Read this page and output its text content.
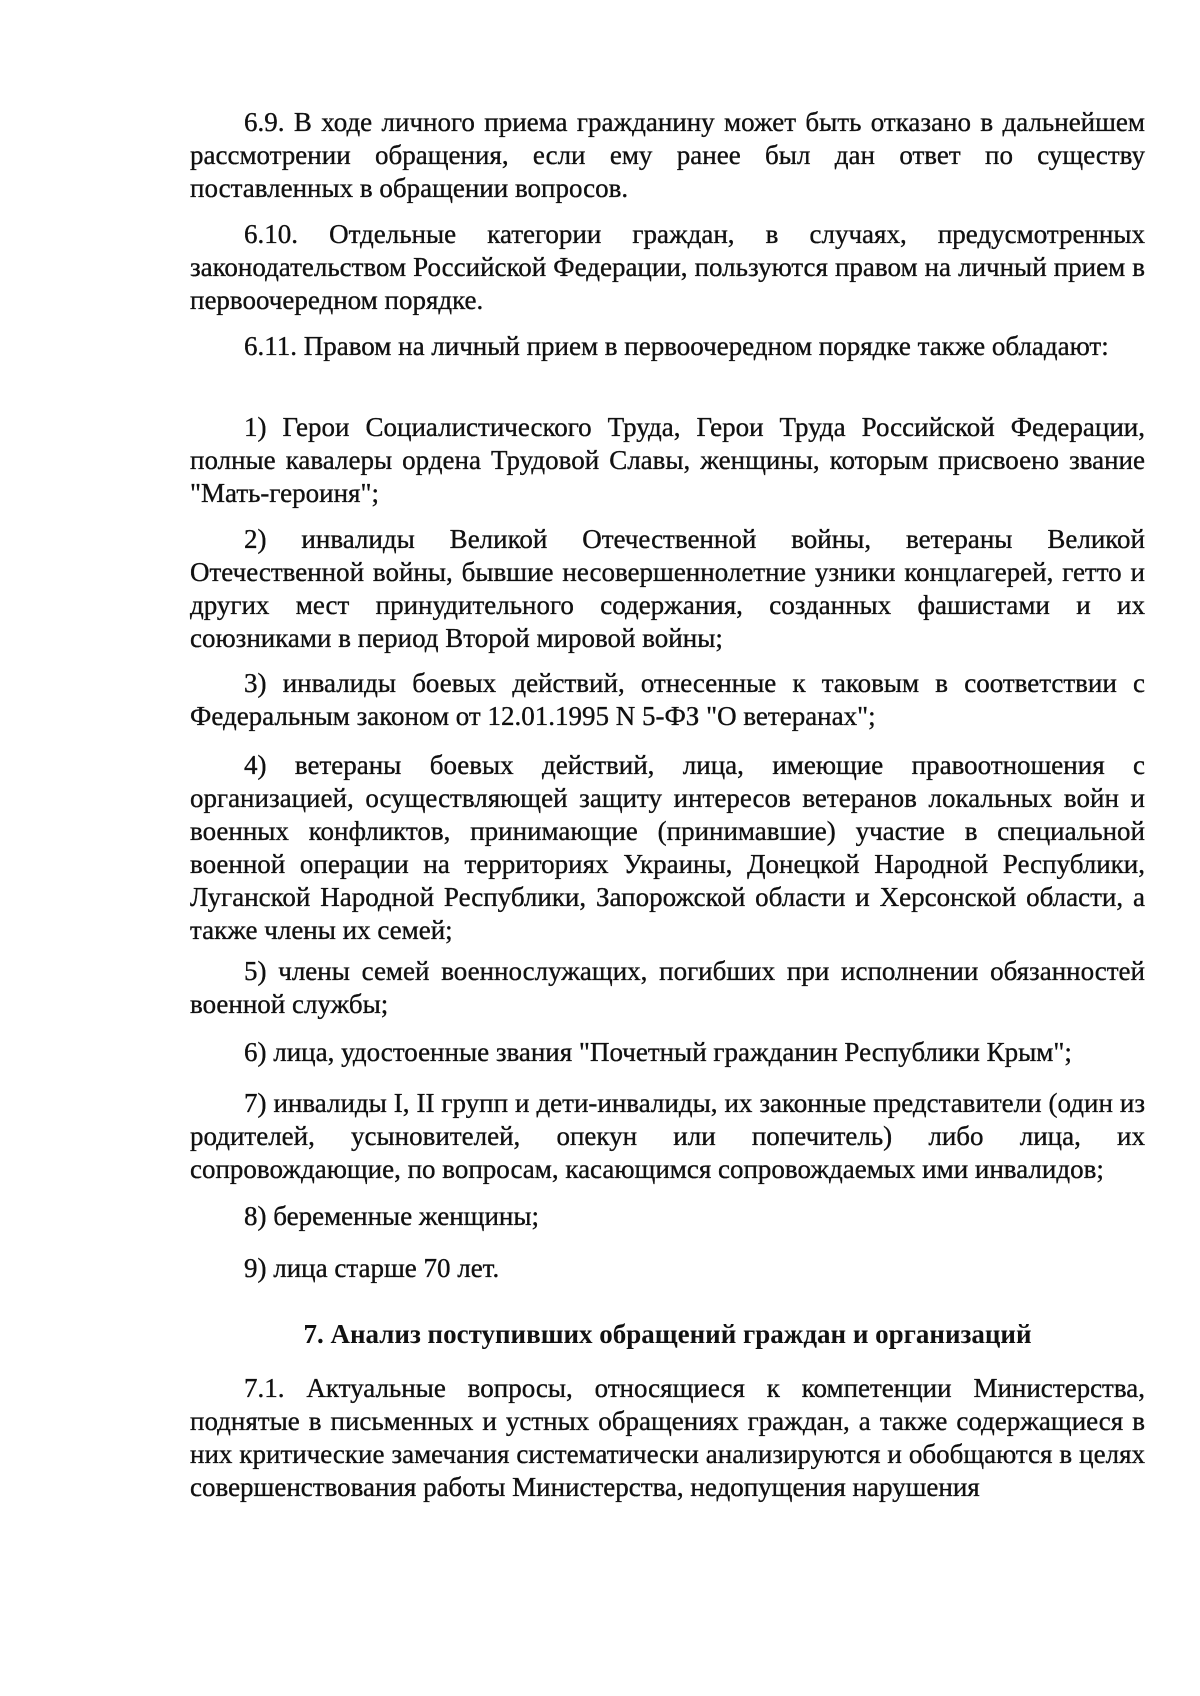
6.9. В ходе личного приема гражданину может быть отказано в дальнейшем рассмотрении обращения, если ему ранее был дан ответ по существу поставленных в обращении вопросов.

6.10. Отдельные категории граждан, в случаях, предусмотренных законодательством Российской Федерации, пользуются правом на личный прием в первоочередном порядке.

6.11. Правом на личный прием в первоочередном порядке также обладают:

1) Герои Социалистического Труда, Герои Труда Российской Федерации, полные кавалеры ордена Трудовой Славы, женщины, которым присвоено звание "Мать-героиня";

2) инвалиды Великой Отечественной войны, ветераны Великой Отечественной войны, бывшие несовершеннолетние узники концлагерей, гетто и других мест принудительного содержания, созданных фашистами и их союзниками в период Второй мировой войны;

3) инвалиды боевых действий, отнесенные к таковым в соответствии с Федеральным законом от 12.01.1995 N 5-ФЗ "О ветеранах";

4) ветераны боевых действий, лица, имеющие правоотношения с организацией, осуществляющей защиту интересов ветеранов локальных войн и военных конфликтов, принимающие (принимавшие) участие в специальной военной операции на территориях Украины, Донецкой Народной Республики, Луганской Народной Республики, Запорожской области и Херсонской области, а также члены их семей;

5) члены семей военнослужащих, погибших при исполнении обязанностей военной службы;

6) лица, удостоенные звания "Почетный гражданин Республики Крым";

7) инвалиды I, II групп и дети-инвалиды, их законные представители (один из родителей, усыновителей, опекун или попечитель) либо лица, их сопровождающие, по вопросам, касающимся сопровождаемых ими инвалидов;

8) беременные женщины;

9) лица старше 70 лет.

7. Анализ поступивших обращений граждан и организаций

7.1. Актуальные вопросы, относящиеся к компетенции Министерства, поднятые в письменных и устных обращениях граждан, а также содержащиеся в них критические замечания систематически анализируются и обобщаются в целях совершенствования работы Министерства, недопущения нарушения
